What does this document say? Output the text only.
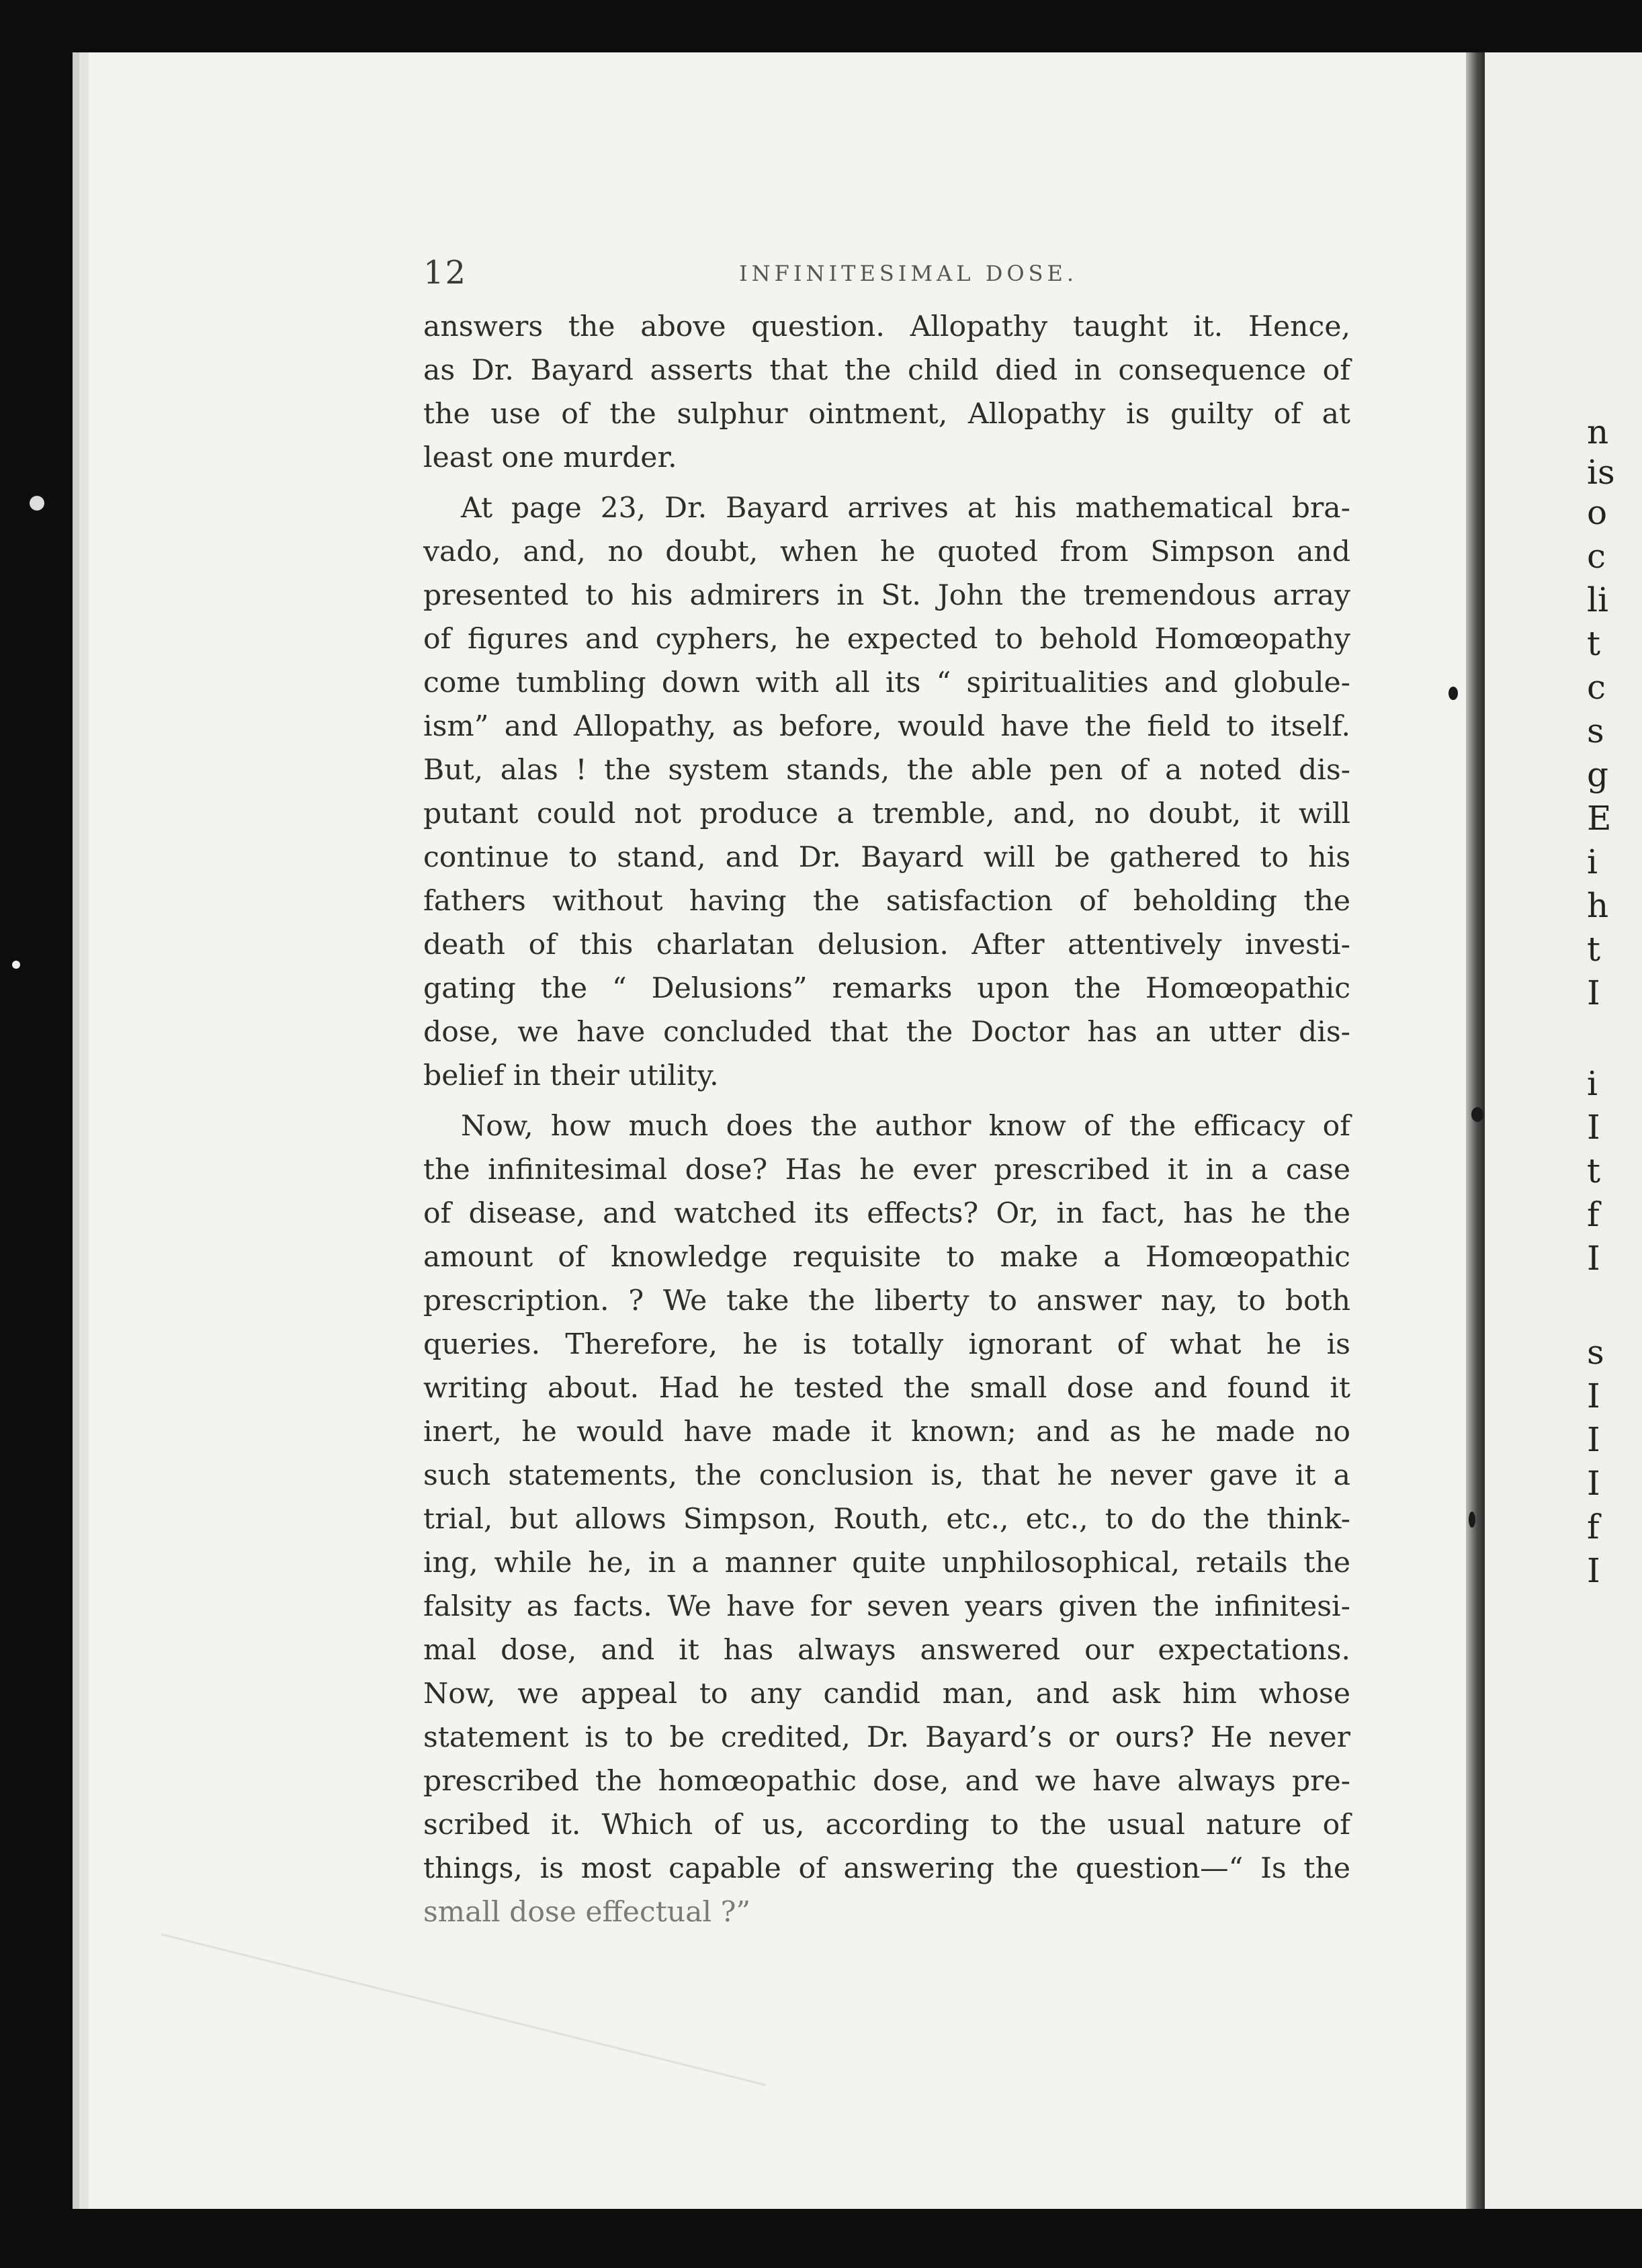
n
is
o
c
li
t
c
s
g
E
i
h
t
I
i
I
t
f
I
s
I
I
I
f
I
12	INFINITESIMAL DOSE.
answers the above question. Allopathy taught it. Hence,
as Dr. Bayard asserts that the child died in consequence of
the use of the sulphur ointment, Allopathy is guilty of at
least one murder.
At page 23, Dr. Bayard arrives at his mathematical bra-
vado, and, no doubt, when he quoted from Simpson and
presented to his admirers in St. John the tremendous array
of figures and cyphers, he expected to behold Homœopathy
come tumbling down with all its “ spiritualities and globule-
ism” and Allopathy, as before, would have the field to itself.
But, alas ! the system stands, the able pen of a noted dis-
putant could not produce a tremble, and, no doubt, it will
continue to stand, and Dr. Bayard will be gathered to his
fathers without having the satisfaction of beholding the
death of this charlatan delusion. After attentively investi-
gating the “ Delusions” remarks upon the Homœopathic
dose, we have concluded that the Doctor has an utter dis-
belief in their utility.
Now, how much does the author know of the efficacy of
the infinitesimal dose? Has he ever prescribed it in a case
of disease, and watched its effects? Or, in fact, has he the
amount of knowledge requisite to make a Homœopathic
prescription. ? We take the liberty to answer nay, to both
queries. Therefore, he is totally ignorant of what he is
writing about. Had he tested the small dose and found it
inert, he would have made it known; and as he made no
such statements, the conclusion is, that he never gave it a
trial, but allows Simpson, Routh, etc., etc., to do the think-
ing, while he, in a manner quite unphilosophical, retails the
falsity as facts. We have for seven years given the infinitesi-
mal dose, and it has always answered our expectations.
Now, we appeal to any candid man, and ask him whose
statement is to be credited, Dr. Bayard’s or ours? He never
prescribed the homœopathic dose, and we have always pre-
scribed it. Which of us, according to the usual nature of
things, is most capable of answering the question—“ Is the
small dose effectual ?”
